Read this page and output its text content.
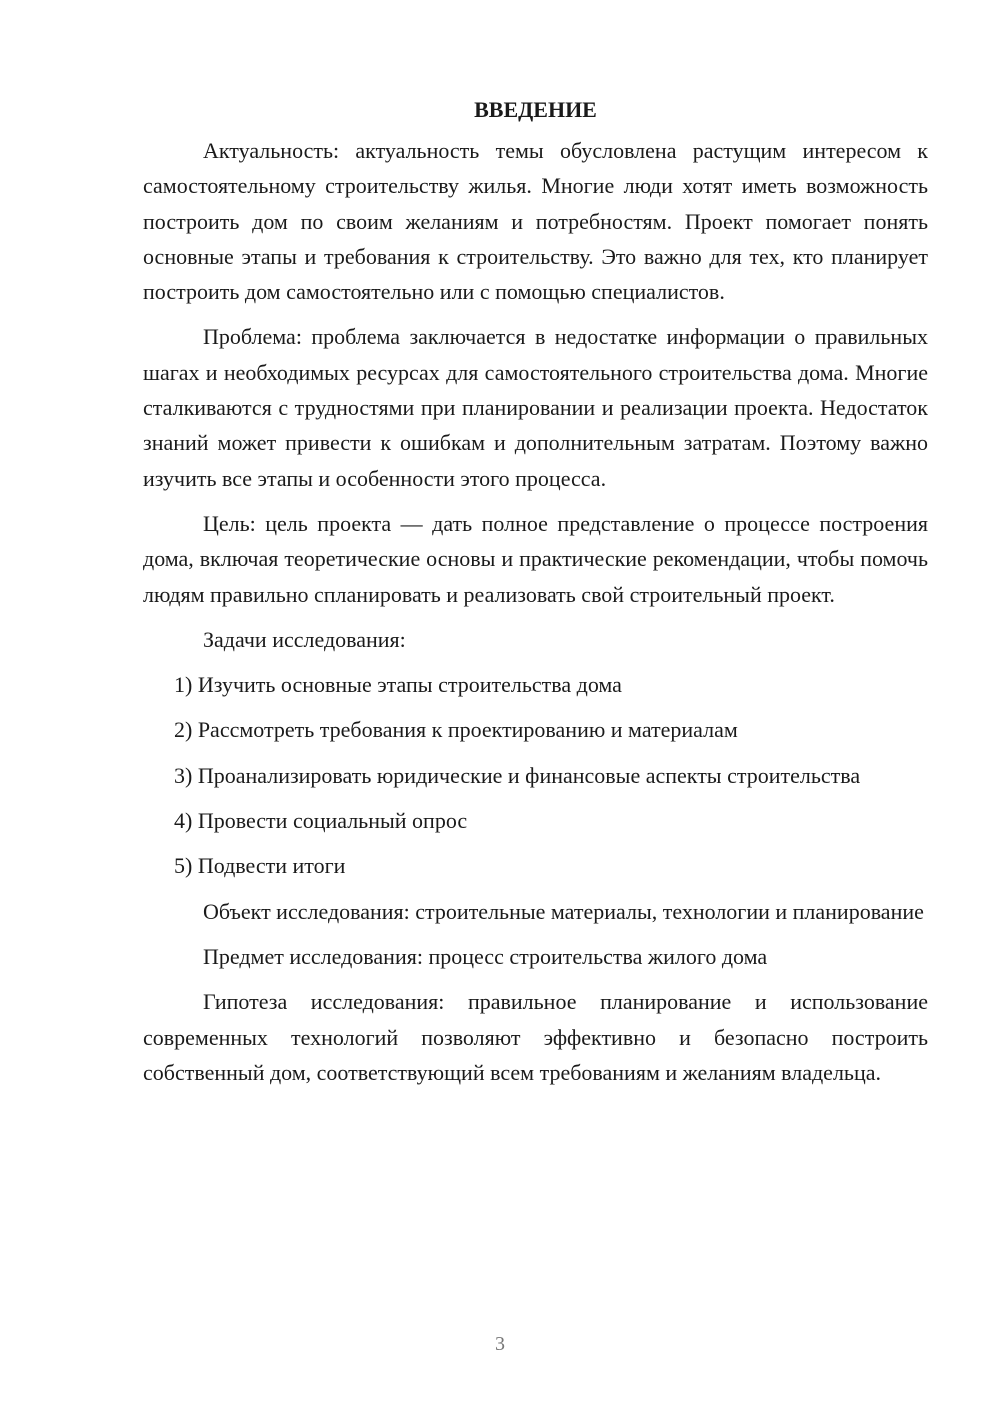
ВВЕДЕНИЕ

Актуальность: актуальность темы обусловлена растущим интересом к самостоятельному строительству жилья. Многие люди хотят иметь возможность построить дом по своим желаниям и потребностям. Проект помогает понять основные этапы и требования к строительству. Это важно для тех, кто планирует построить дом самостоятельно или с помощью специалистов.

Проблема: проблема заключается в недостатке информации о правильных шагах и необходимых ресурсах для самостоятельного строительства дома. Многие сталкиваются с трудностями при планировании и реализации проекта. Недостаток знаний может привести к ошибкам и дополнительным затратам. Поэтому важно изучить все этапы и особенности этого процесса.

Цель: цель проекта — дать полное представление о процессе построения дома, включая теоретические основы и практические рекомендации, чтобы помочь людям правильно спланировать и реализовать свой строительный проект.

Задачи исследования:

1) Изучить основные этапы строительства дома

2) Рассмотреть требования к проектированию и материалам

3) Проанализировать юридические и финансовые аспекты строительства

4) Провести социальный опрос

5) Подвести итоги

Объект исследования: строительные материалы, технологии и планирование

Предмет исследования: процесс строительства жилого дома

Гипотеза исследования: правильное планирование и использование современных технологий позволяют эффективно и безопасно построить собственный дом, соответствующий всем требованиям и желаниям владельца.

3
